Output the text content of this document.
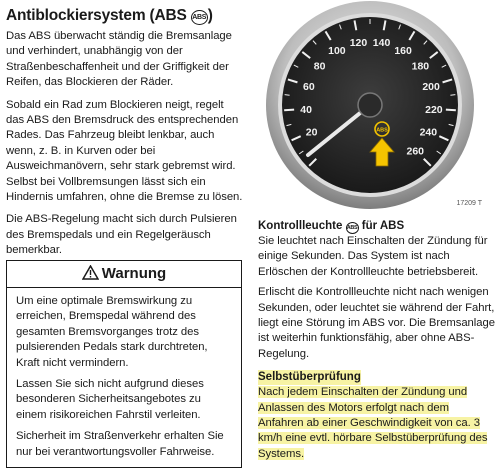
Antiblockiersystem (ABS ABS )

Das ABS überwacht ständig die Bremsanlage und verhindert, unabhängig von der Straßenbeschaffenheit und der Griffigkeit der Reifen, das Blockieren der Räder.

Sobald ein Rad zum Blockieren neigt, regelt das ABS den Bremsdruck des entsprechenden Rades. Das Fahrzeug bleibt lenkbar, auch wenn, z. B. in Kurven oder bei Ausweichmanövern, sehr stark gebremst wird. Selbst bei Vollbremsungen lässt sich ein Hindernis umfahren, ohne die Bremse zu lösen.

Die ABS-Regelung macht sich durch Pulsieren des Bremspedals und ein Regelgeräusch bemerkbar.

Warnung

Um eine optimale Bremswirkung zu erreichen, Bremspedal während des gesamten Bremsvorganges trotz des pulsierenden Pedals stark durchtreten, Kraft nicht vermindern.

Lassen Sie sich nicht aufgrund dieses besonderen Sicherheitsangebotes zu einem risikoreichen Fahrstil verleiten.

Sicherheit im Straßenverkehr erhalten Sie nur bei verantwortungsvoller Fahrweise.

20
40
60
80
100
120 140
160
180
200
220
240
260
ABS
17209 T
Kontrollleuchte ABS für ABS

Sie leuchtet nach Einschalten der Zündung für einige Sekunden. Das System ist nach Erlöschen der Kontrollleuchte betriebsbereit.

Erlischt die Kontrollleuchte nicht nach wenigen Sekunden, oder leuchtet sie während der Fahrt, liegt eine Störung im ABS vor. Die Bremsanlage ist weiterhin funktionsfähig, aber ohne ABS-Regelung.

Selbstüberprüfung

Nach jedem Einschalten der Zündung und Anlassen des Motors erfolgt nach dem Anfahren ab einer Geschwindigkeit von ca. 3 km/h eine evtl. hörbare Selbstüberprüfung des Systems.
